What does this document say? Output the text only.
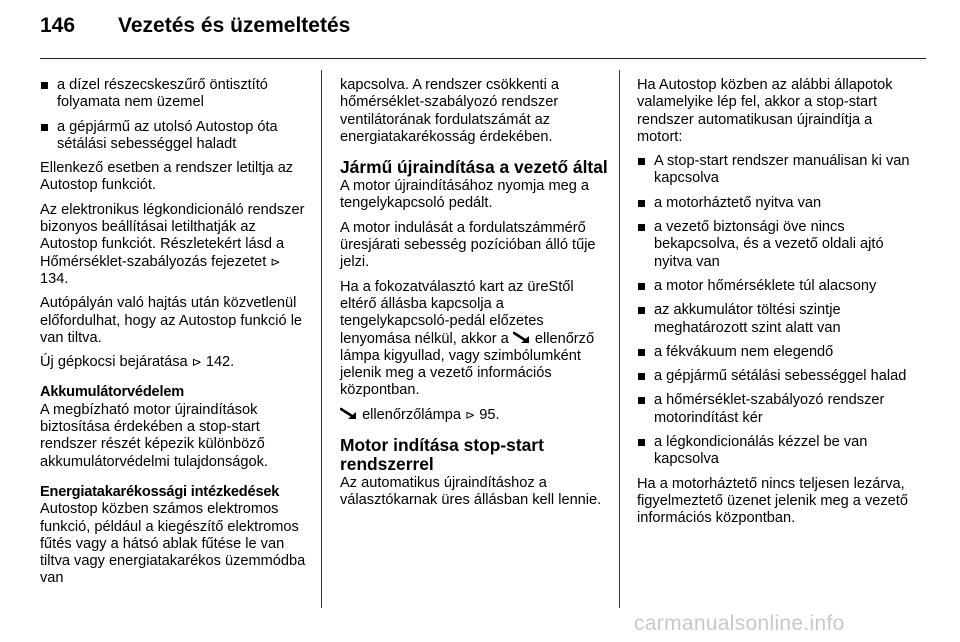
146 Vezetés és üzemeltetés
a dízel részecskeszűrő öntisztító folyamata nem üzemel
a gépjármű az utolsó Autostop óta sétálási sebességgel haladt

Ellenkező esetben a rendszer letiltja az Autostop funkciót.

Az elektronikus légkondicionáló rendszer bizonyos beállításai letilthatják az Autostop funkciót. Részletekért lásd a Hőmérséklet-szabályozás fejezetet ⊳ 134.

Autópályán való hajtás után közvetlenül előfordulhat, hogy az Autostop funkció le van tiltva.

Új gépkocsi bejáratása ⊳ 142.

Akkumulátorvédelem

A megbízható motor újraindítások biztosítása érdekében a stop-start rendszer részét képezik különböző akkumulátorvédelmi tulajdonságok.

Energiatakarékossági intézkedések

Autostop közben számos elektromos funkció, például a kiegészítő elektromos fűtés vagy a hátsó ablak fűtése le van tiltva vagy energiatakarékos üzemmódba van

kapcsolva. A rendszer csökkenti a hőmérséklet-szabályozó rendszer ventilátorának fordulatszámát az energiatakarékosság érdekében.

Jármű újraindítása a vezető által

A motor újraindításához nyomja meg a tengelykapcsoló pedált.

A motor indulását a fordulatszámmérő üresjárati sebesség pozícióban álló tűje jelzi.

Ha a fokozatválasztó kart az üreStől eltérő állásba kapcsolja a tengelykapcsoló-pedál előzetes lenyomása nélkül, akkor a ellenőrző lámpa kigyullad, vagy szimbólumként jelenik meg a vezető információs központban.

ellenőrzőlámpa ⊳ 95.

Motor indítása stop-start rendszerrel

Az automatikus újraindításhoz a választókarnak üres állásban kell lennie.

Ha Autostop közben az alábbi állapotok valamelyike lép fel, akkor a stop-start rendszer automatikusan újraindítja a motort:

A stop-start rendszer manuálisan ki van kapcsolva
a motorháztető nyitva van
a vezető biztonsági öve nincs bekapcsolva, és a vezető oldali ajtó nyitva van
a motor hőmérséklete túl alacsony
az akkumulátor töltési szintje meghatározott szint alatt van
a fékvákuum nem elegendő
a gépjármű sétálási sebességgel halad
a hőmérséklet-szabályozó rendszer motorindítást kér
a légkondicionálás kézzel be van kapcsolva

Ha a motorháztető nincs teljesen lezárva, figyelmeztető üzenet jelenik meg a vezető információs központban.

carmanualsonline.info
